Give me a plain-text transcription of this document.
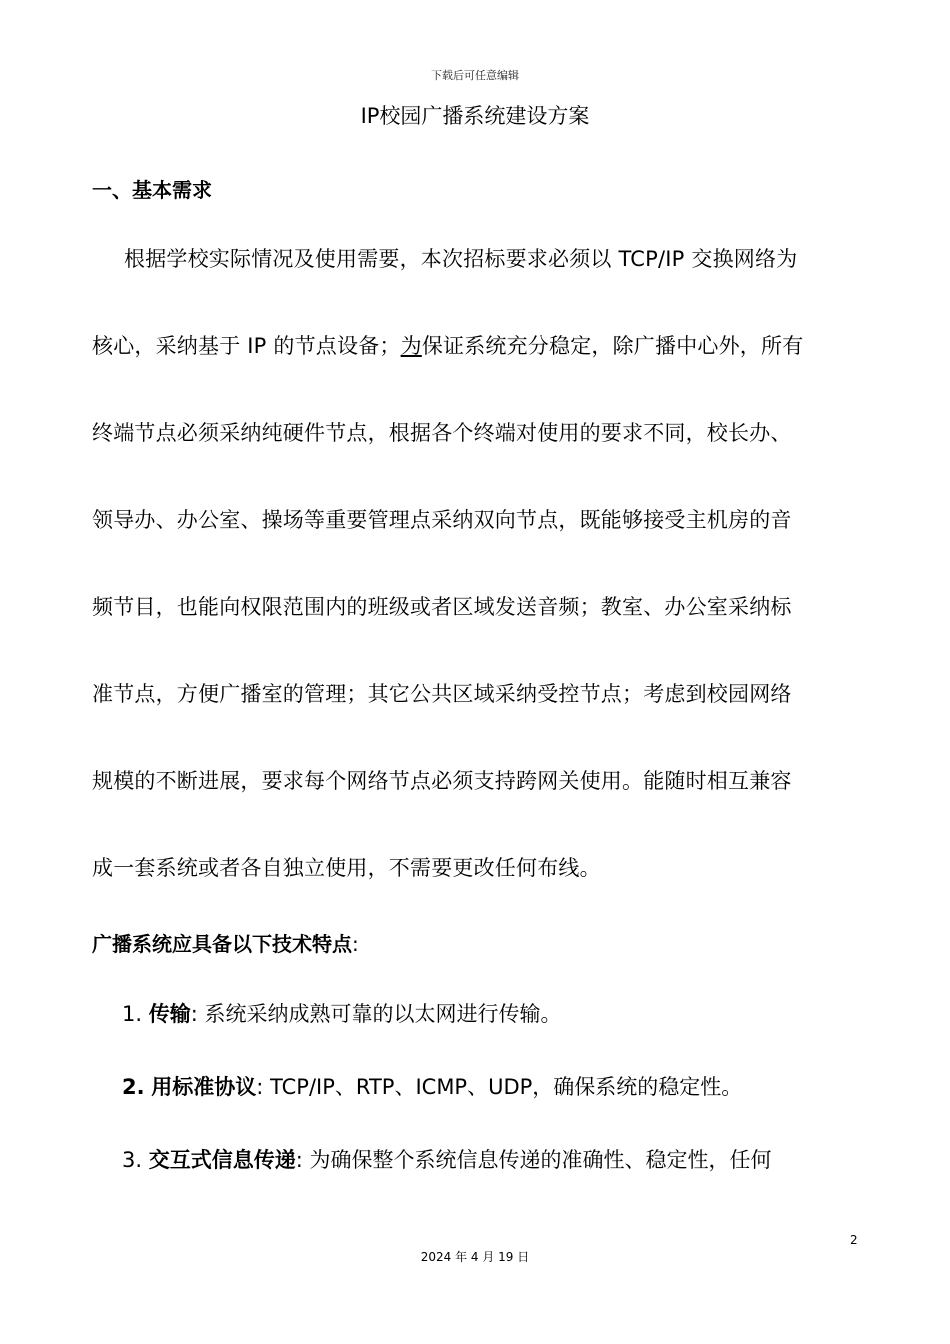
下载后可任意编辑
IP校园广播系统建设方案
一、基本需求
根据学校实际情况及使用需要，本次招标要求必须以 TCP/IP 交换网络为
核心，采纳基于 IP 的节点设备；为保证系统充分稳定，除广播中心外，所有
终端节点必须采纳纯硬件节点，根据各个终端对使用的要求不同，校长办、
领导办、办公室、操场等重要管理点采纳双向节点，既能够接受主机房的音
频节目，也能向权限范围内的班级或者区域发送音频；教室、办公室采纳标
准节点，方便广播室的管理；其它公共区域采纳受控节点；考虑到校园网络
规模的不断进展，要求每个网络节点必须支持跨网关使用。能随时相互兼容
成一套系统或者各自独立使用，不需要更改任何布线。
广播系统应具备以下技术特点:
1. 传输: 系统采纳成熟可靠的以太网进行传输。
2. 用标准协议: TCP/IP、RTP、ICMP、UDP，确保系统的稳定性。
3. 交互式信息传递: 为确保整个系统信息传递的准确性、稳定性，任何
2
2024 年 4 月 19 日
